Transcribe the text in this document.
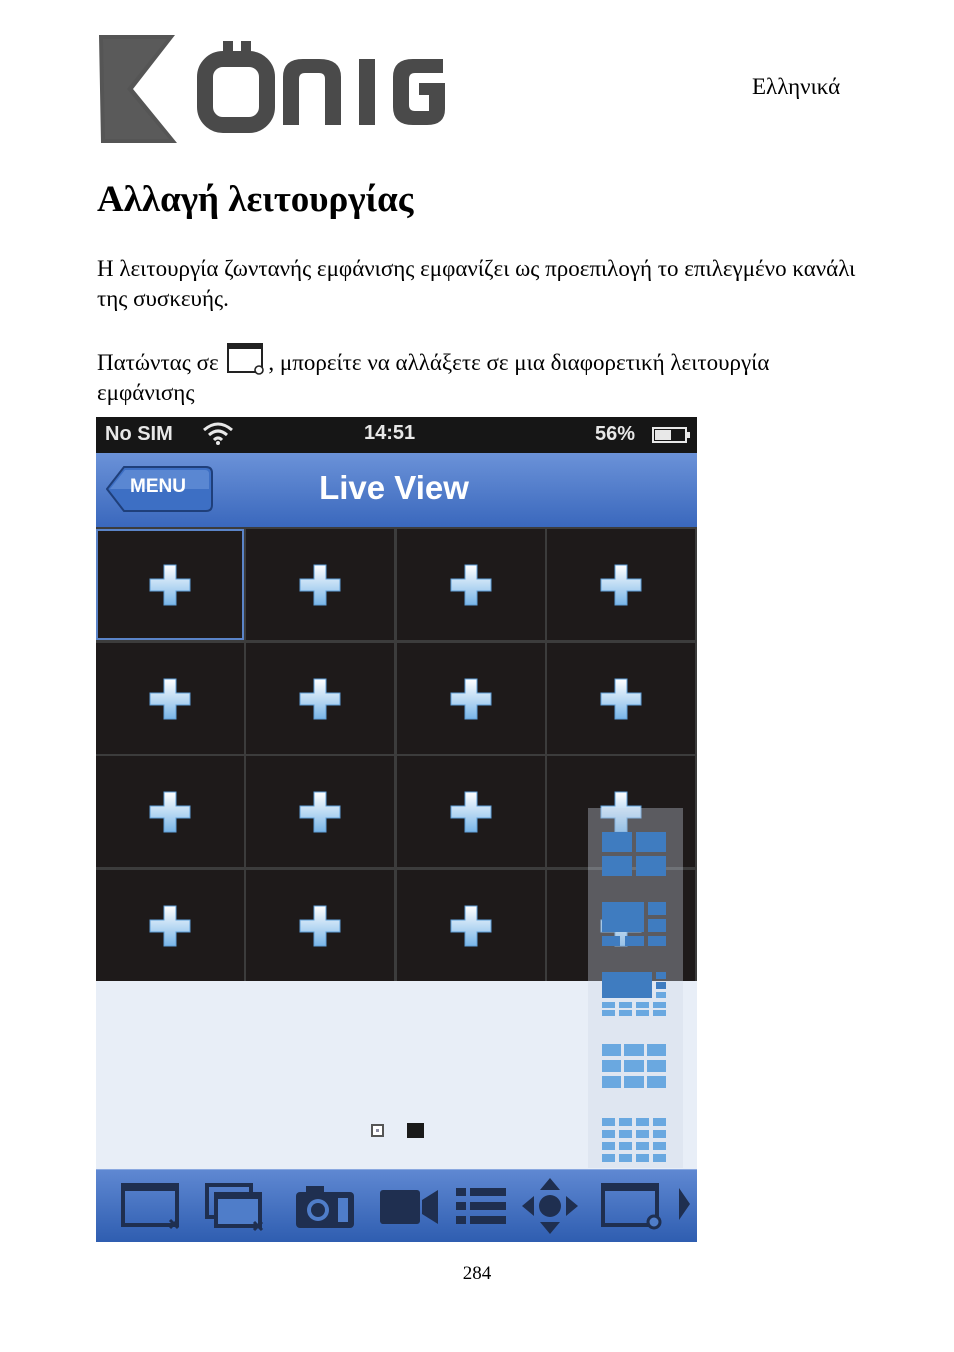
Ελληνικά
Αλλαγή λειτουργίας

Η λειτουργία ζωντανής εμφάνισης εμφανίζει ως προεπιλογή το επιλεγμένο κανάλι της συσκευής.

Πατώντας σε , μπορείτε να αλλάξετε σε μια διαφορετική λειτουργία εμφάνισης

No SIM	14:51	56%
MENU	Live View
284
